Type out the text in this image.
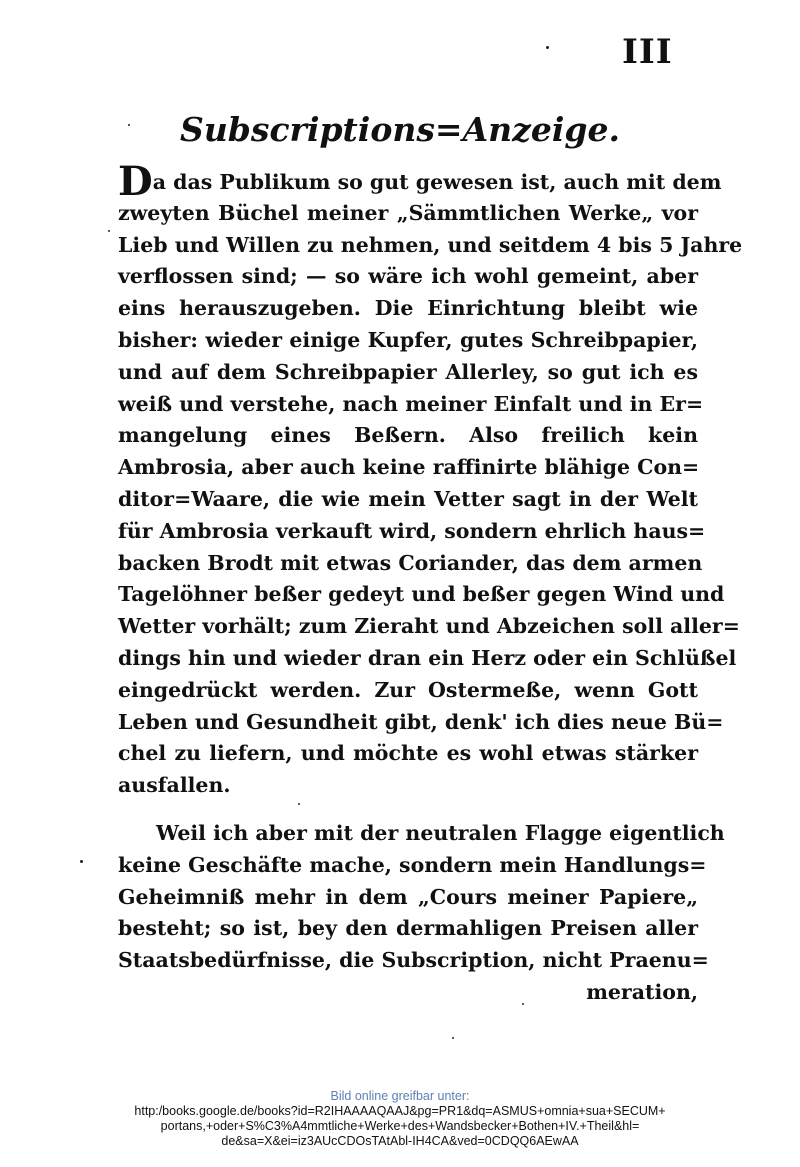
III
Subscriptions=Anzeige.
Da das Publikum so gut gewesen ist, auch mit dem
zweyten Büchel meiner „Sämmtlichen Werke„ vor
Lieb und Willen zu nehmen, und seitdem 4 bis 5 Jahre
verflossen sind; — so wäre ich wohl gemeint, aber
eins herauszugeben. Die Einrichtung bleibt wie
bisher: wieder einige Kupfer, gutes Schreibpapier,
und auf dem Schreibpapier Allerley, so gut ich es
weiß und verstehe, nach meiner Einfalt und in Er=
mangelung eines Beßern. Also freilich kein
Ambrosia, aber auch keine raffinirte blähige Con=
ditor=Waare, die wie mein Vetter sagt in der Welt
für Ambrosia verkauft wird, sondern ehrlich haus=
backen Brodt mit etwas Coriander, das dem armen
Tagelöhner beßer gedeyt und beßer gegen Wind und
Wetter vorhält; zum Zieraht und Abzeichen soll aller=
dings hin und wieder dran ein Herz oder ein Schlüßel
eingedrückt werden. Zur Ostermeße, wenn Gott
Leben und Gesundheit gibt, denk' ich dies neue Bü=
chel zu liefern, und möchte es wohl etwas stärker
ausfallen.
Weil ich aber mit der neutralen Flagge eigentlich
keine Geschäfte mache, sondern mein Handlungs=
Geheimniß mehr in dem „Cours meiner Papiere„
besteht; so ist, bey den dermahligen Preisen aller
Staatsbedürfnisse, die Subscription, nicht Praenu=
meration,
Bild online greifbar unter:
http:/books.google.de/books?id=R2IHAAAAQAAJ&pg=PR1&dq=ASMUS+omnia+sua+SECUM+
portans,+oder+S%C3%A4mmtliche+Werke+des+Wandsbecker+Bothen+IV.+Theil&hl=
de&sa=X&ei=iz3AUcCDOsTAtAbl-IH4CA&ved=0CDQQ6AEwAA
